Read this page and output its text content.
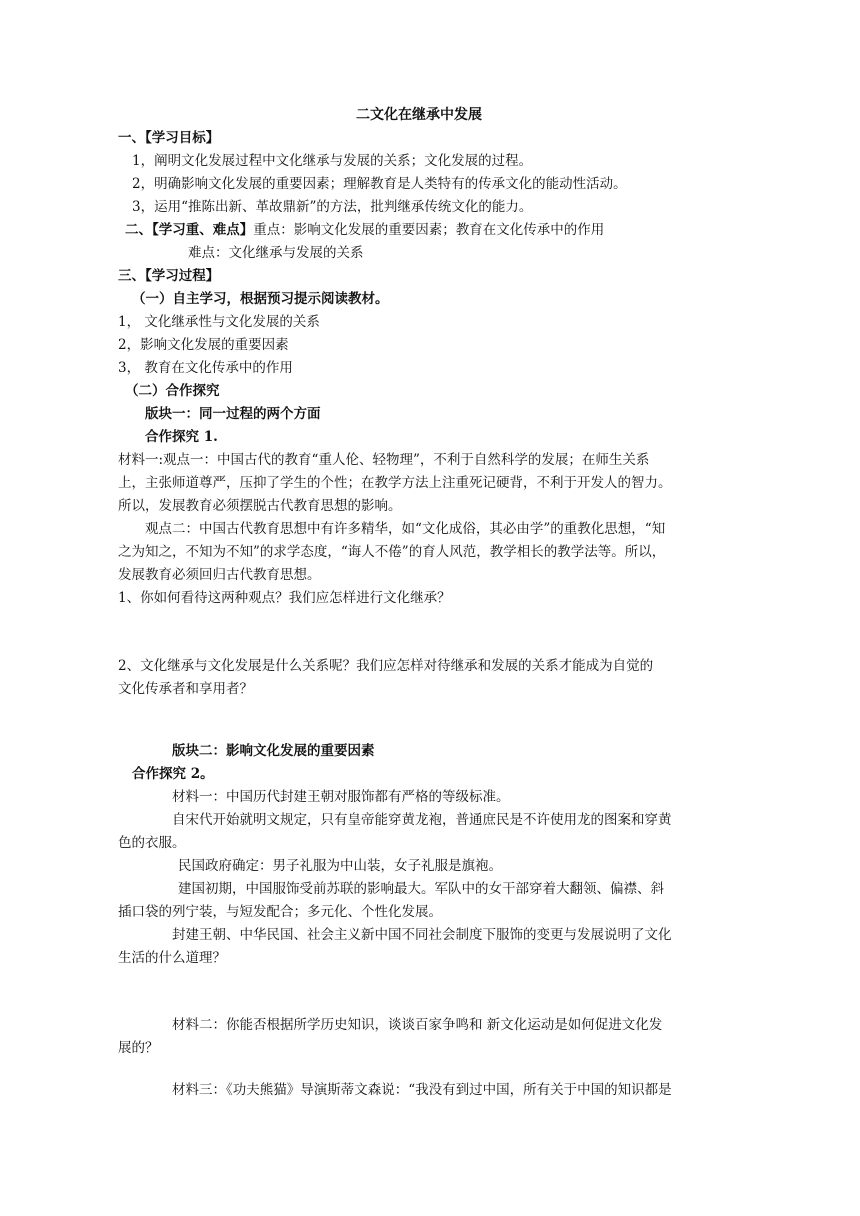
二文化在继承中发展
一、【学习目标】
1，阐明文化发展过程中文化继承与发展的关系；文化发展的过程。
2，明确影响文化发展的重要因素；理解教育是人类特有的传承文化的能动性活动。
3，运用“推陈出新、革故鼎新”的方法，批判继承传统文化的能力。
二、【学习重、难点】重点：影响文化发展的重要因素；教育在文化传承中的作用
难点：文化继承与发展的关系
三、【学习过程】
（一）自主学习，根据预习提示阅读教材。
1， 文化继承性与文化发展的关系
2，影响文化发展的重要因素
3， 教育在文化传承中的作用
（二）合作探究
版块一：同一过程的两个方面
合作探究 1.
材料一:观点一：中国古代的教育“重人伦、轻物理”，不利于自然科学的发展；在师生关系
上，主张师道尊严，压抑了学生的个性；在教学方法上注重死记硬背，不利于开发人的智力。
所以，发展教育必须摆脱古代教育思想的影响。
观点二：中国古代教育思想中有许多精华，如“文化成俗，其必由学”的重教化思想，“知
之为知之，不知为不知”的求学态度，“诲人不倦”的育人风范，教学相长的教学法等。所以，
发展教育必须回归古代教育思想。
1、你如何看待这两种观点？我们应怎样进行文化继承？
2、文化继承与文化发展是什么关系呢？我们应怎样对待继承和发展的关系才能成为自觉的
文化传承者和享用者？
版块二：影响文化发展的重要因素
合作探究 2。
材料一：中国历代封建王朝对服饰都有严格的等级标准。
自宋代开始就明文规定，只有皇帝能穿黄龙袍，普通庶民是不许使用龙的图案和穿黄
色的衣服。
民国政府确定：男子礼服为中山装，女子礼服是旗袍。
建国初期，中国服饰受前苏联的影响最大。军队中的女干部穿着大翻领、偏襟、斜
插口袋的列宁装，与短发配合；多元化、个性化发展。
封建王朝、中华民国、社会主义新中国不同社会制度下服饰的变更与发展说明了文化
生活的什么道理？
材料二：你能否根据所学历史知识，谈谈百家争鸣和 新文化运动是如何促进文化发
展的？
材料三：《功夫熊猫》导演斯蒂文森说：“我没有到过中国，所有关于中国的知识都是
